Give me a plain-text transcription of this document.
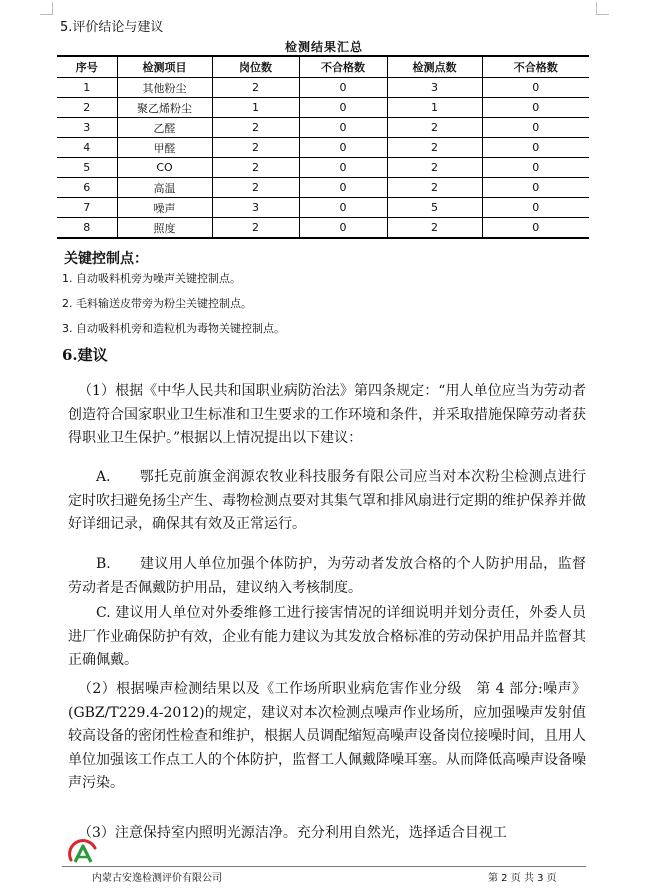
5.评价结论与建议
检测结果汇总
序号	检测项目	岗位数	不合格数	检测点数	不合格数
1	其他粉尘	2	0	3	0
2	聚乙烯粉尘	1	0	1	0
3	乙醛	2	0	2	0
4	甲醛	2	0	2	0
5	CO	2	0	2	0
6	高温	2	0	2	0
7	噪声	3	0	5	0
8	照度	2	0	2	0
关键控制点：
1. 自动吸料机旁为噪声关键控制点。
2. 毛料输送皮带旁为粉尘关键控制点。
3. 自动吸料机旁和造粒机为毒物关键控制点。
6.建议
（1）根据《中华人民共和国职业病防治法》第四条规定：“用人单位应当为劳动者创造符合国家职业卫生标准和卫生要求的工作环境和条件，并采取措施保障劳动者获得职业卫生保护。”根据以上情况提出以下建议：
A.　　鄂托克前旗金润源农牧业科技服务有限公司应当对本次粉尘检测点进行定时吹扫避免扬尘产生、毒物检测点要对其集气罩和排风扇进行定期的维护保养并做好详细记录，确保其有效及正常运行。
B.　　建议用人单位加强个体防护，为劳动者发放合格的个人防护用品，监督劳动者是否佩戴防护用品，建议纳入考核制度。
C. 建议用人单位对外委维修工进行接害情况的详细说明并划分责任，外委人员进厂作业确保防护有效，企业有能力建议为其发放合格标准的劳动保护用品并监督其正确佩戴。
（2）根据噪声检测结果以及《工作场所职业病危害作业分级　第 4 部分:噪声》(GBZ/T229.4-2012)的规定，建议对本次检测点噪声作业场所，应加强噪声发射值较高设备的密闭性检查和维护，根据人员调配缩短高噪声设备岗位接噪时间，且用人单位加强该工作点工人的个体防护，监督工人佩戴降噪耳塞。从而降低高噪声设备噪声污染。
（3）注意保持室内照明光源洁净。充分利用自然光，选择适合目视工
内蒙古安逸检测评价有限公司	第 2 页 共 3 页
